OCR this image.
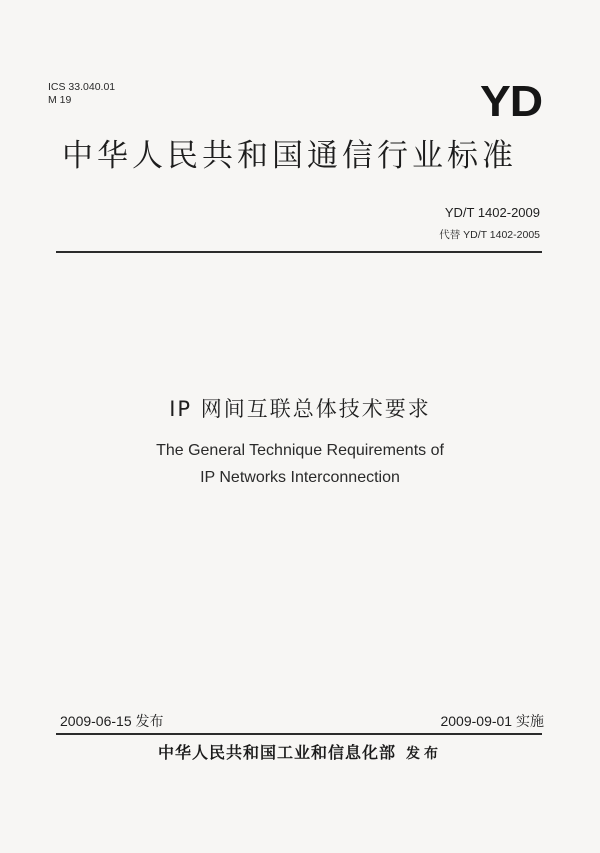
ICS 33.040.01
M 19	YD
中华人民共和国通信行业标准
YD/T 1402-2009
代替 YD/T 1402-2005
IP 网间互联总体技术要求
The General Technique Requirements of
IP Networks Interconnection
2009-06-15 发布	2009-09-01 实施
中华人民共和国工业和信息化部 发布
